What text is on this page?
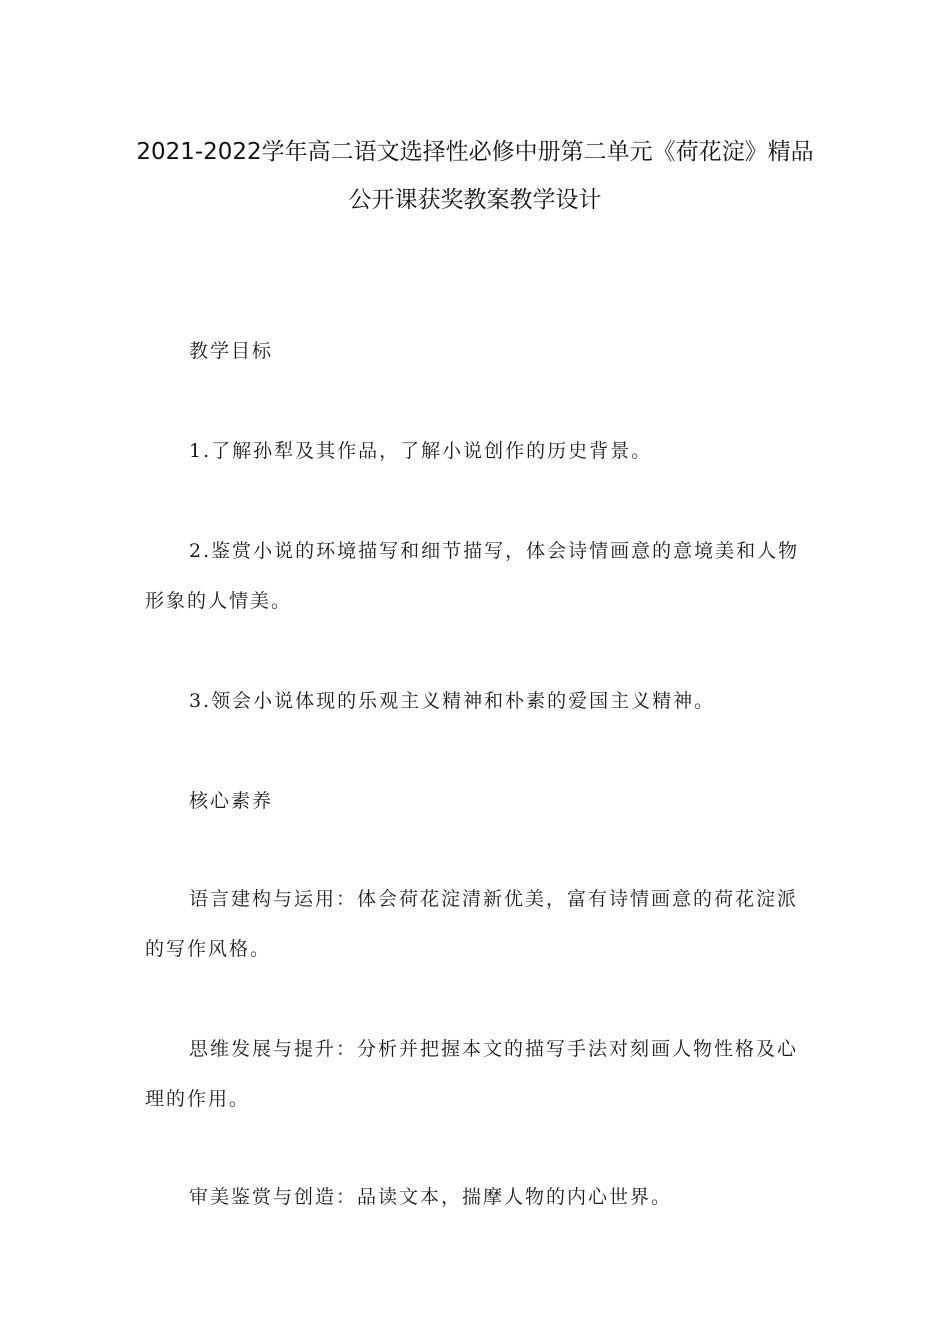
2021-2022学年高二语文选择性必修中册第二单元《荷花淀》精品
公开课获奖教案教学设计

教学目标

1.了解孙犁及其作品，了解小说创作的历史背景。

2.鉴赏小说的环境描写和细节描写，体会诗情画意的意境美和人物形象的人情美。

3.领会小说体现的乐观主义精神和朴素的爱国主义精神。

核心素养

语言建构与运用：体会荷花淀清新优美，富有诗情画意的荷花淀派的写作风格。

思维发展与提升：分析并把握本文的描写手法对刻画人物性格及心理的作用。

审美鉴赏与创造：品读文本，揣摩人物的内心世界。
